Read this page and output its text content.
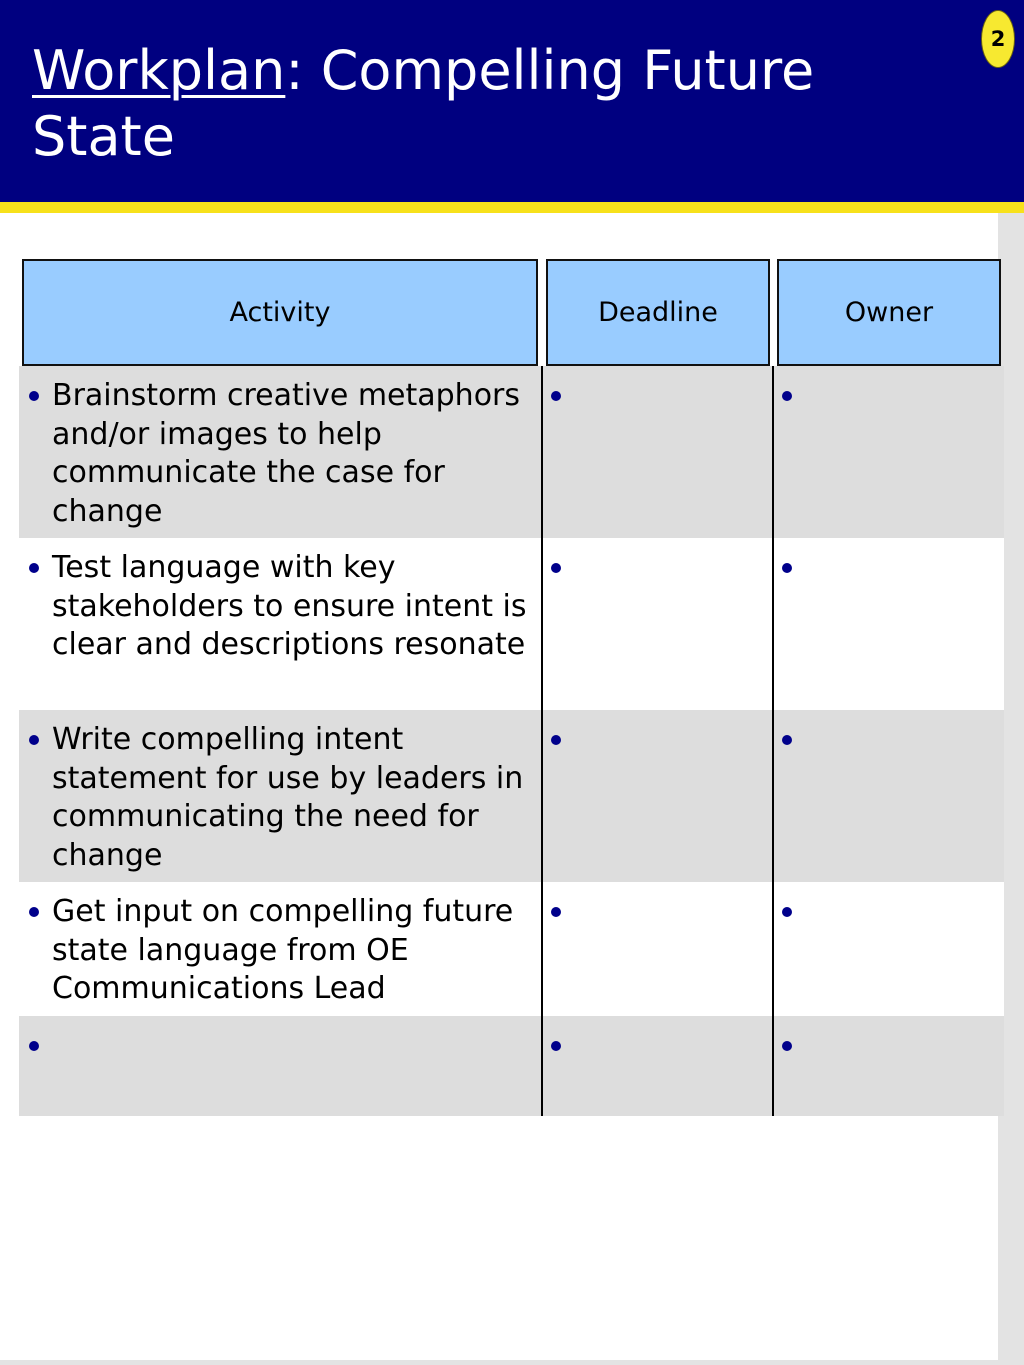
Workplan: Compelling Future State
2
Activity	Deadline	Owner
Brainstorm creative metaphors and/or images to help communicate the case for change
Test language with key stakeholders to ensure intent is clear and descriptions resonate
Write compelling intent statement for use by leaders in communicating the need for change
Get input on compelling future state language from OE Communications Lead
